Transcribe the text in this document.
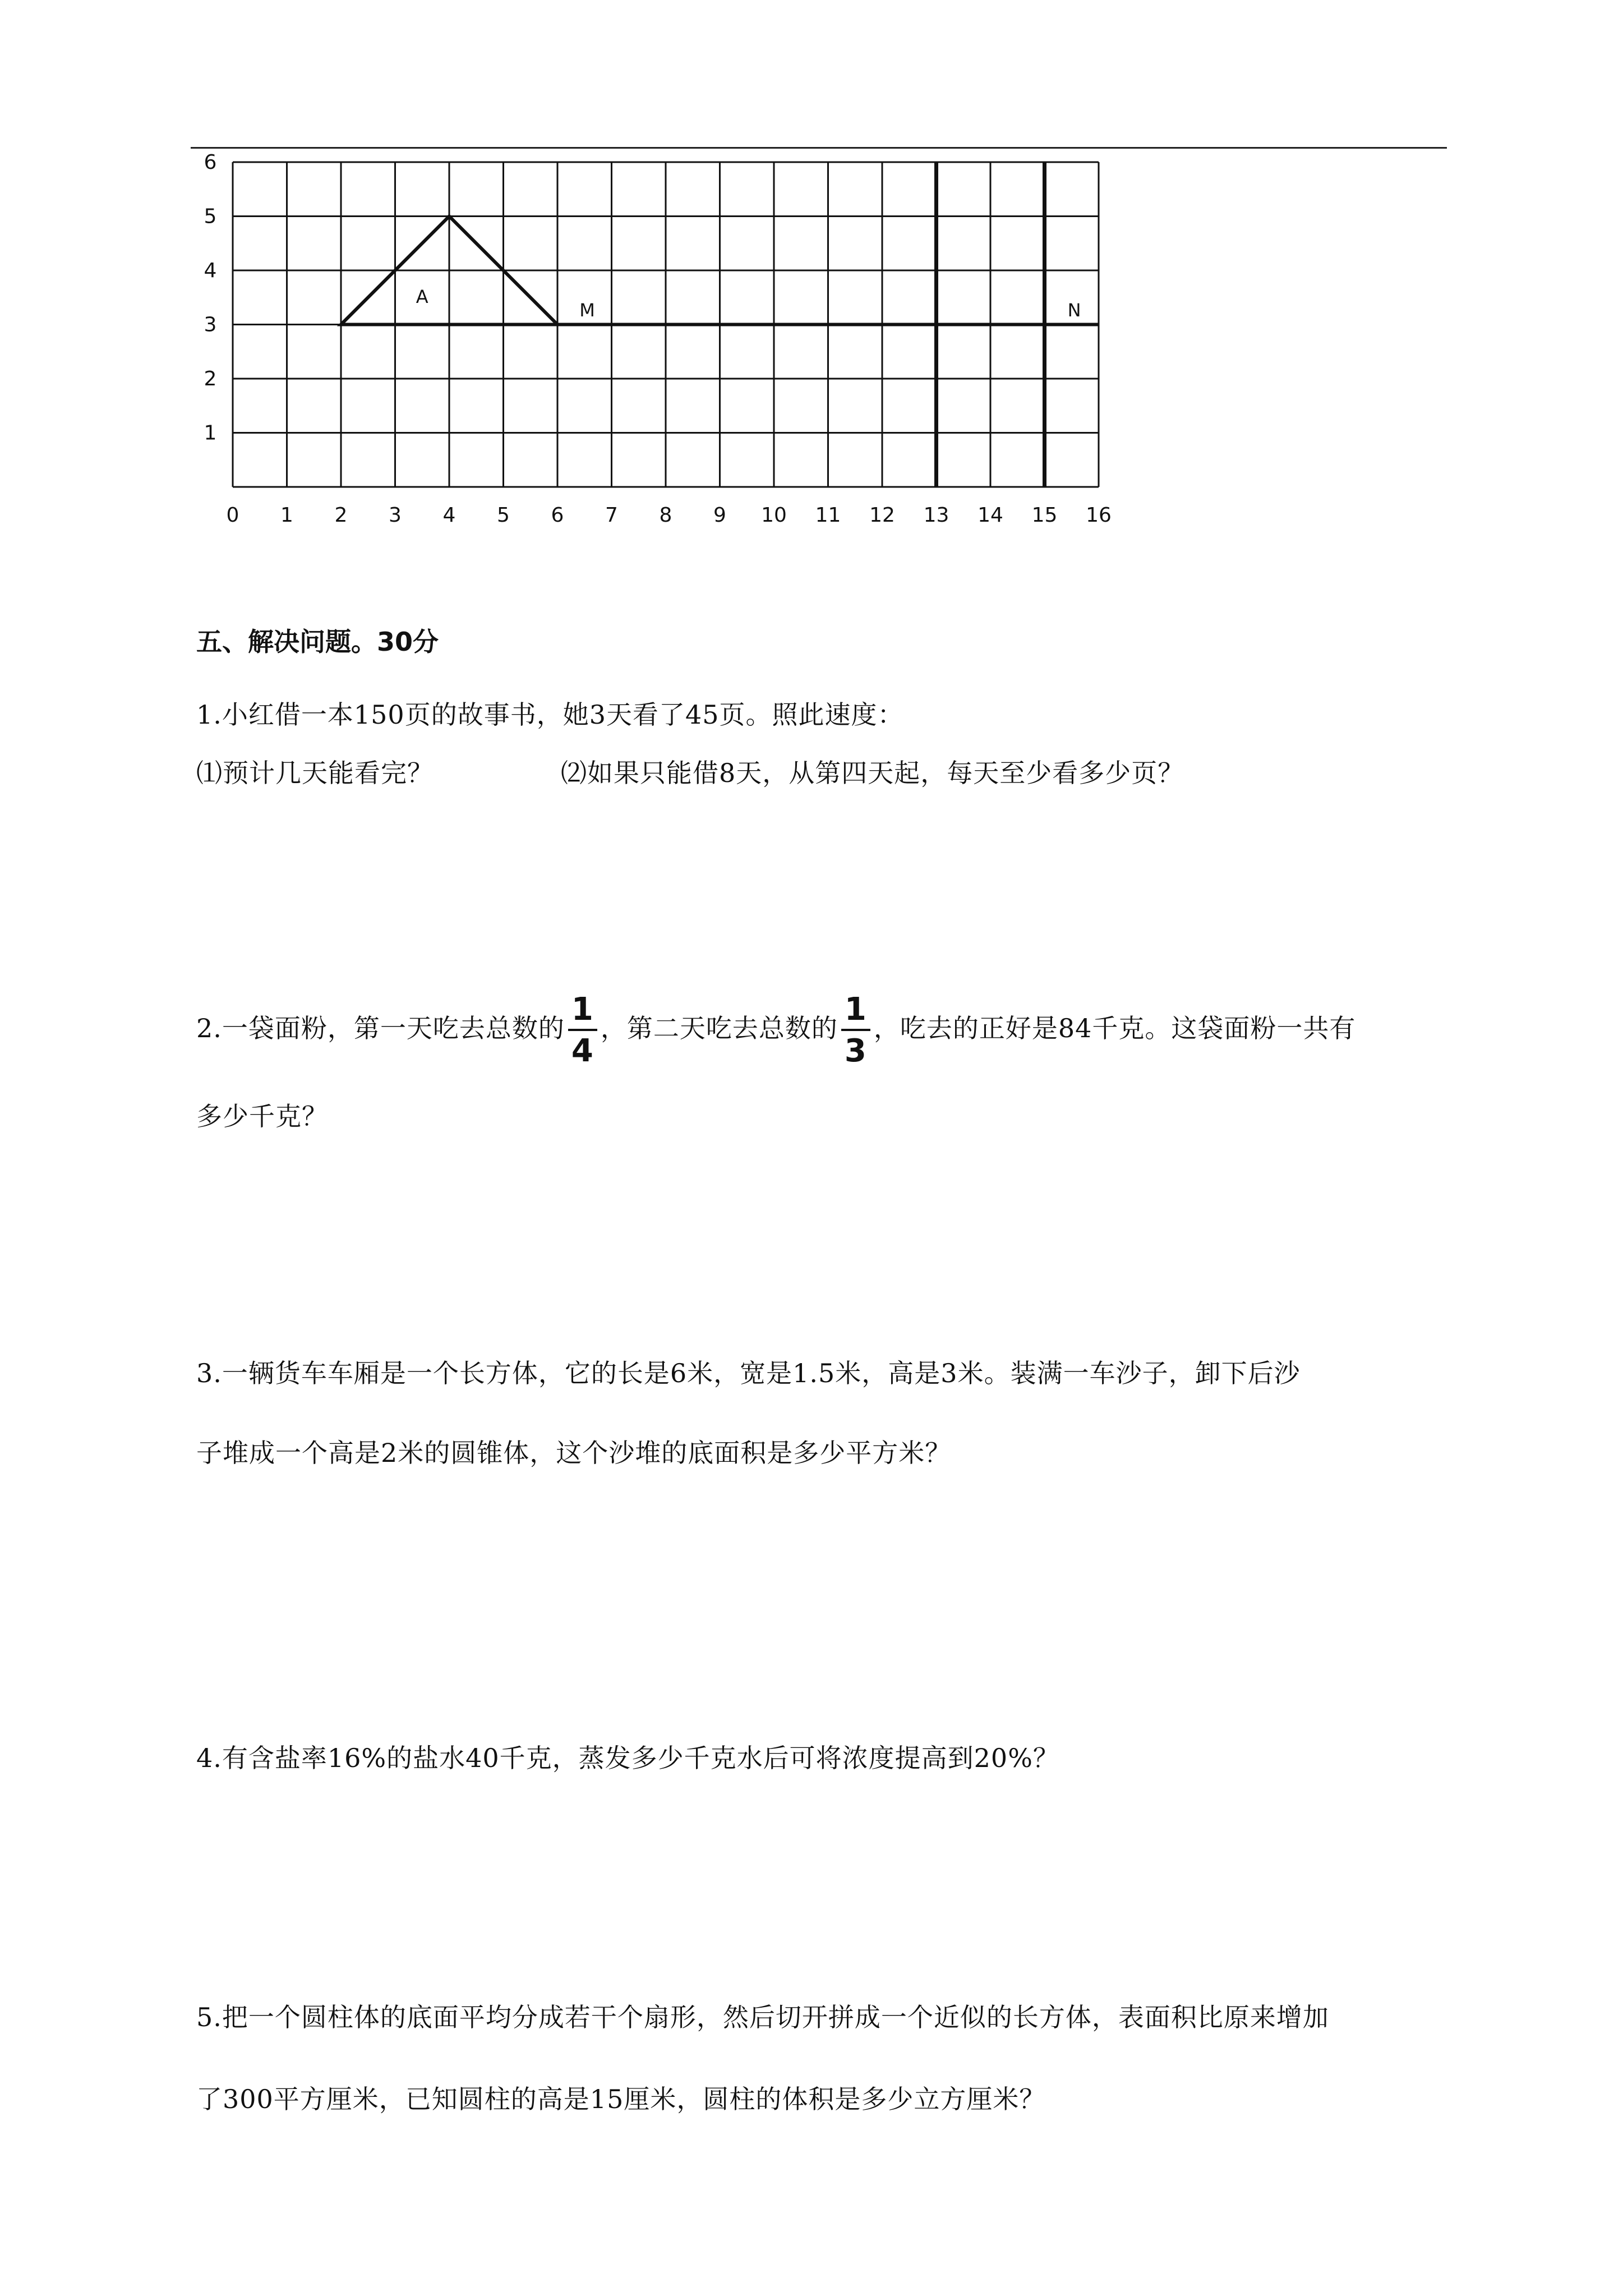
0 1 2 3 4 5 6 7 8 9 10 11 12 13 14 15 16
1
2
3
4
5
6
A
M	N
五、解决问题。30分
1.小红借一本150页的故事书，她3天看了45页。照此速度：
⑴预计几天能看完？	⑵如果只能借8天，从第四天起，每天至少看多少页？
2.一袋面粉，第一天吃去总数的 $\frac{1}{4}$ ，第二天吃去总数的 $\frac{1}{3}$ ，吃去的正好是84千克。这袋面粉一共有
多少千克？
3.一辆货车车厢是一个长方体，它的长是6米，宽是1.5米，高是3米。装满一车沙子，卸下后沙
子堆成一个高是2米的圆锥体，这个沙堆的底面积是多少平方米？
4.有含盐率16%的盐水40千克，蒸发多少千克水后可将浓度提高到20%？
5.把一个圆柱体的底面平均分成若干个扇形，然后切开拼成一个近似的长方体，表面积比原来增加
了300平方厘米，已知圆柱的高是15厘米，圆柱的体积是多少立方厘米？
